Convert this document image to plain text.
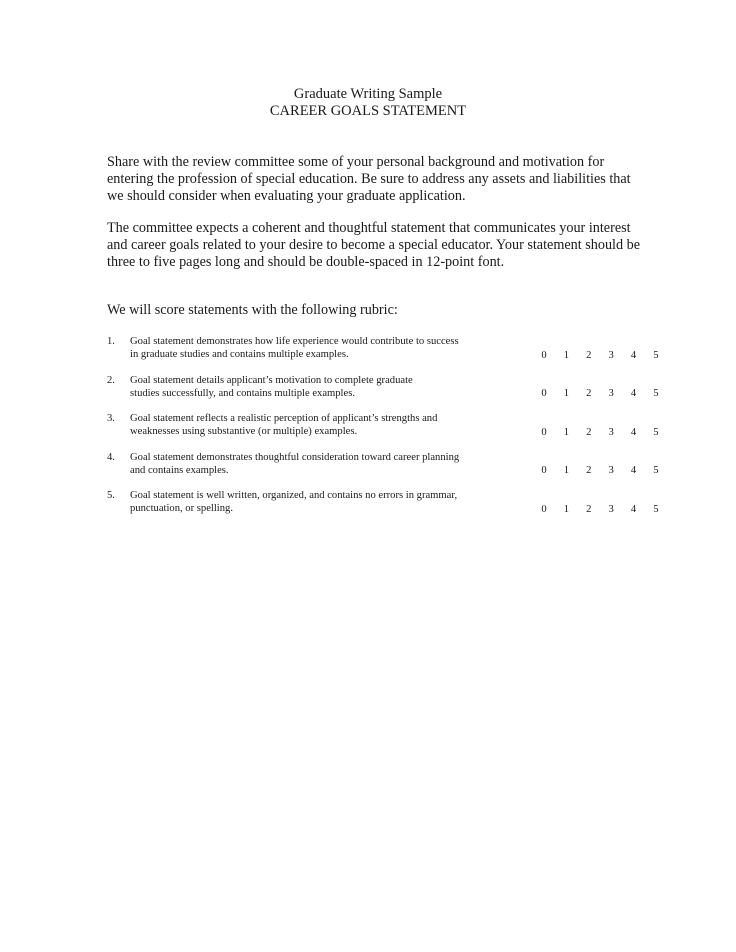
Graduate Writing Sample
CAREER GOALS STATEMENT

Share with the review committee some of your personal background and motivation for entering the profession of special education. Be sure to address any assets and liabilities that we should consider when evaluating your graduate application.

The committee expects a coherent and thoughtful statement that communicates your interest and career goals related to your desire to become a special educator. Your statement should be three to five pages long and should be double-spaced in 12-point font.

We will score statements with the following rubric:

1. Goal statement demonstrates how life experience would contribute to success
in graduate studies and contains multiple examples.	0 1 2 3 4 5
2. Goal statement details applicant’s motivation to complete graduate
studies successfully, and contains multiple examples.	0 1 2 3 4 5
3. Goal statement reflects a realistic perception of applicant’s strengths and
weaknesses using substantive (or multiple) examples.	0 1 2 3 4 5
4. Goal statement demonstrates thoughtful consideration toward career planning
and contains examples.	0 1 2 3 4 5
5. Goal statement is well written, organized, and contains no errors in grammar,
punctuation, or spelling.	0 1 2 3 4 5
